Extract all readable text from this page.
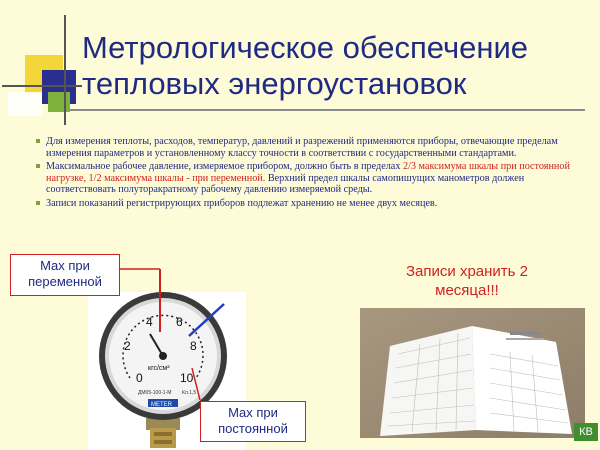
Метрологическое обеспечение
тепловых энергоустановок
Для измерения теплоты, расходов, температур, давлений и разрежений применяются приборы, отвечающие пределам измерения параметров и установленному классу точности в соответствии с государственными стандартами.
Максимальное рабочее давление, измеряемое прибором, должно быть в пределах 2/3 максимума шкалы при постоянной нагрузке, 1/2 максимума шкалы - при переменной. Верхний предел шкалы самопишущих манометров должен соответствовать полуторакратному рабочему давлению измеряемой среды.
Записи показаний регистрирующих приборов подлежат хранению не менее двух месяцев.
0
2
4 6
8
10
кгс/см²
ДМ05-100-1-М Кл.1,5
METER
Мах при
переменной
Мах при
постоянной
Записи хранить 2
месяца!!!
КВ
